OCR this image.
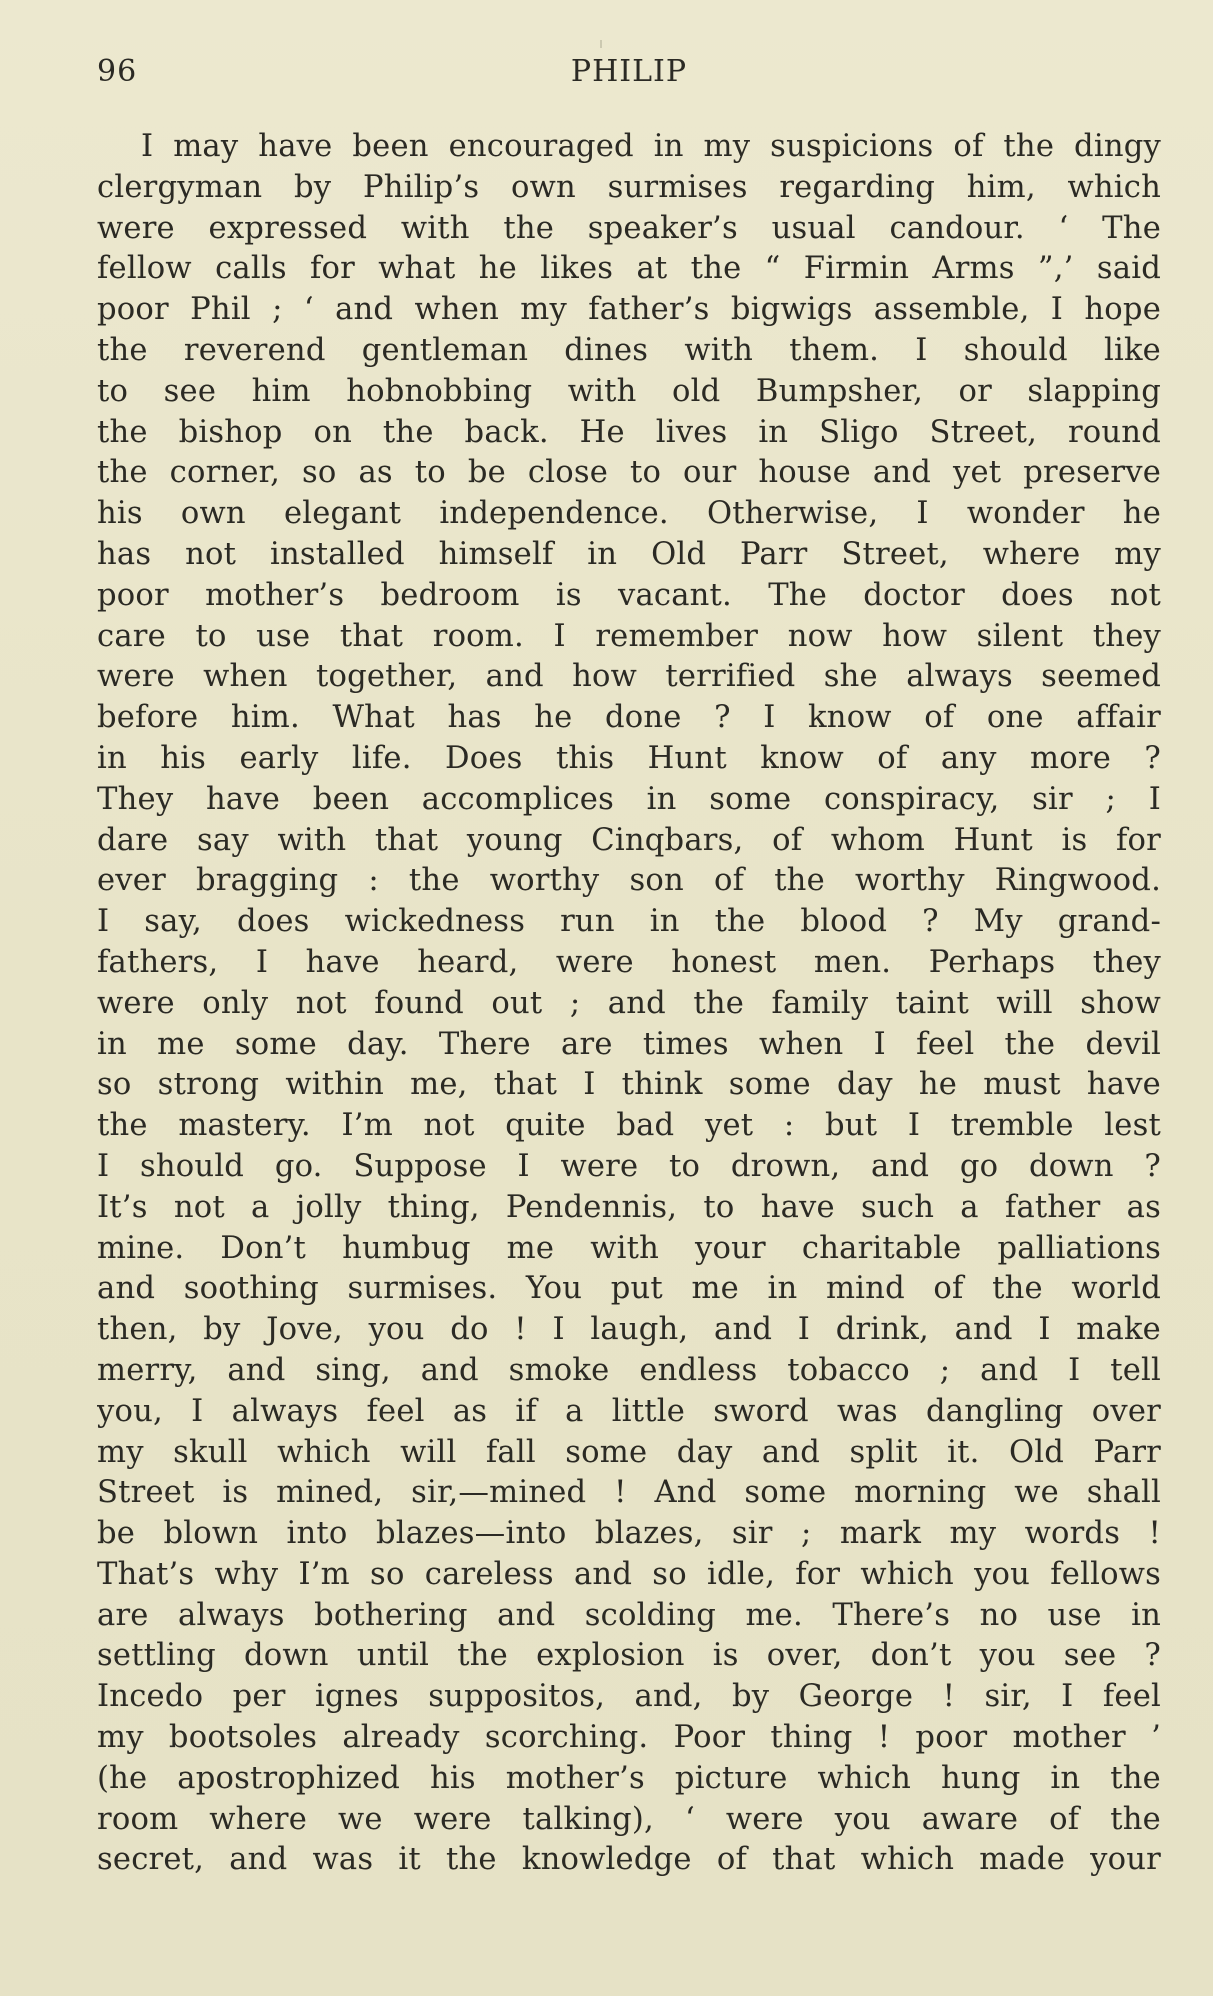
96	PHILIP
I may have been encouraged in my suspicions of the dingy
clergyman by Philip’s own surmises regarding him, which
were expressed with the speaker’s usual candour. ‘ The
fellow calls for what he likes at the “ Firmin Arms ”,’ said
poor Phil ; ‘ and when my father’s bigwigs assemble, I hope
the reverend gentleman dines with them. I should like
to see him hobnobbing with old Bumpsher, or slapping
the bishop on the back. He lives in Sligo Street, round
the corner, so as to be close to our house and yet preserve
his own elegant independence. Otherwise, I wonder he
has not installed himself in Old Parr Street, where my
poor mother’s bedroom is vacant. The doctor does not
care to use that room. I remember now how silent they
were when together, and how terrified she always seemed
before him. What has he done ? I know of one affair
in his early life. Does this Hunt know of any more ?
They have been accomplices in some conspiracy, sir ; I
dare say with that young Cinqbars, of whom Hunt is for
ever bragging : the worthy son of the worthy Ringwood.
I say, does wickedness run in the blood ? My grand-
fathers, I have heard, were honest men. Perhaps they
were only not found out ; and the family taint will show
in me some day. There are times when I feel the devil
so strong within me, that I think some day he must have
the mastery. I’m not quite bad yet : but I tremble lest
I should go. Suppose I were to drown, and go down ?
It’s not a jolly thing, Pendennis, to have such a father as
mine. Don’t humbug me with your charitable palliations
and soothing surmises. You put me in mind of the world
then, by Jove, you do ! I laugh, and I drink, and I make
merry, and sing, and smoke endless tobacco ; and I tell
you, I always feel as if a little sword was dangling over
my skull which will fall some day and split it. Old Parr
Street is mined, sir,—mined ! And some morning we shall
be blown into blazes—into blazes, sir ; mark my words !
That’s why I’m so careless and so idle, for which you fellows
are always bothering and scolding me. There’s no use in
settling down until the explosion is over, don’t you see ?
Incedo per ignes suppositos, and, by George ! sir, I feel
my bootsoles already scorching. Poor thing ! poor mother ’
(he apostrophized his mother’s picture which hung in the
room where we were talking), ‘ were you aware of the
secret, and was it the knowledge of that which made your
